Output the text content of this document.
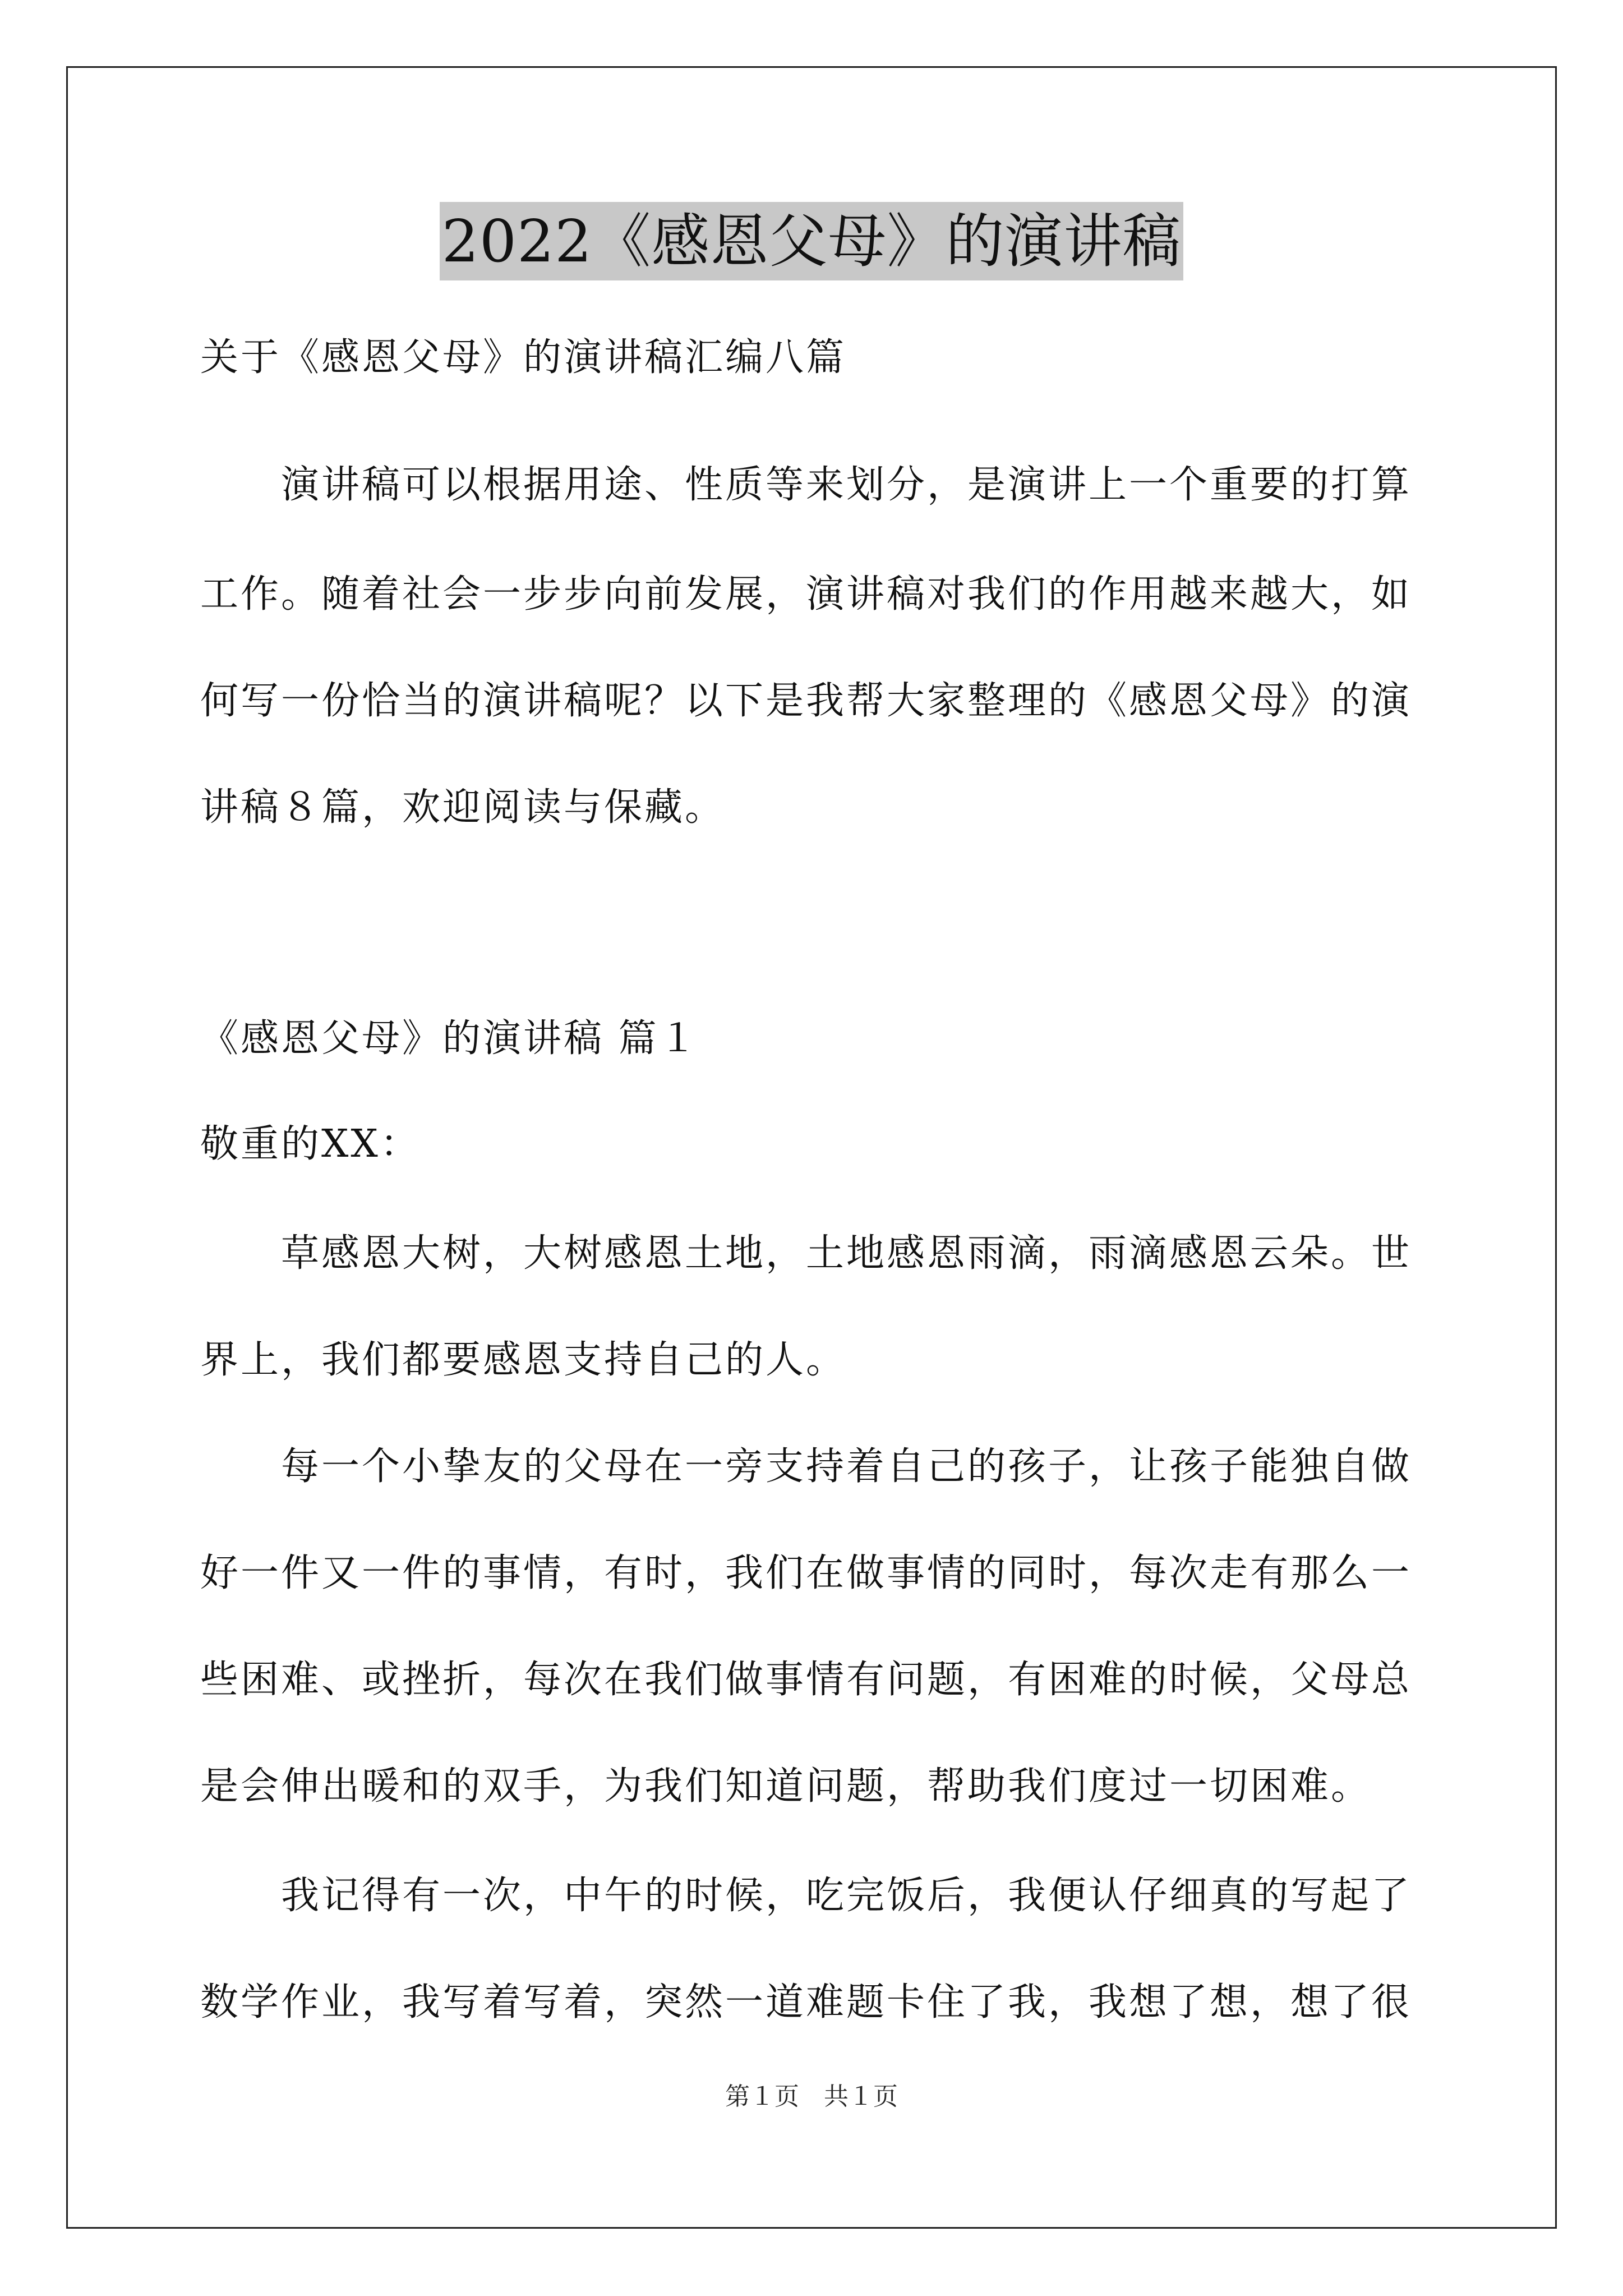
2022《感恩父母》的演讲稿
关于《感恩父母》的演讲稿汇编八篇
　　演讲稿可以根据用途、性质等来划分，是演讲上一个重要的打算
工作。随着社会一步步向前发展，演讲稿对我们的作用越来越大，如
何写一份恰当的演讲稿呢？以下是我帮大家整理的《感恩父母》的演
讲稿８篇，欢迎阅读与保藏。
《感恩父母》的演讲稿 篇１
敬重的XX：
　　草感恩大树，大树感恩土地，土地感恩雨滴，雨滴感恩云朵。世
界上，我们都要感恩支持自己的人。
　　每一个小挚友的父母在一旁支持着自己的孩子，让孩子能独自做
好一件又一件的事情，有时，我们在做事情的同时，每次走有那么一
些困难、或挫折，每次在我们做事情有问题，有困难的时候，父母总
是会伸出暖和的双手，为我们知道问题，帮助我们度过一切困难。
　　我记得有一次，中午的时候，吃完饭后，我便认仔细真的写起了
数学作业，我写着写着，突然一道难题卡住了我，我想了想，想了很
第１页　共１页
